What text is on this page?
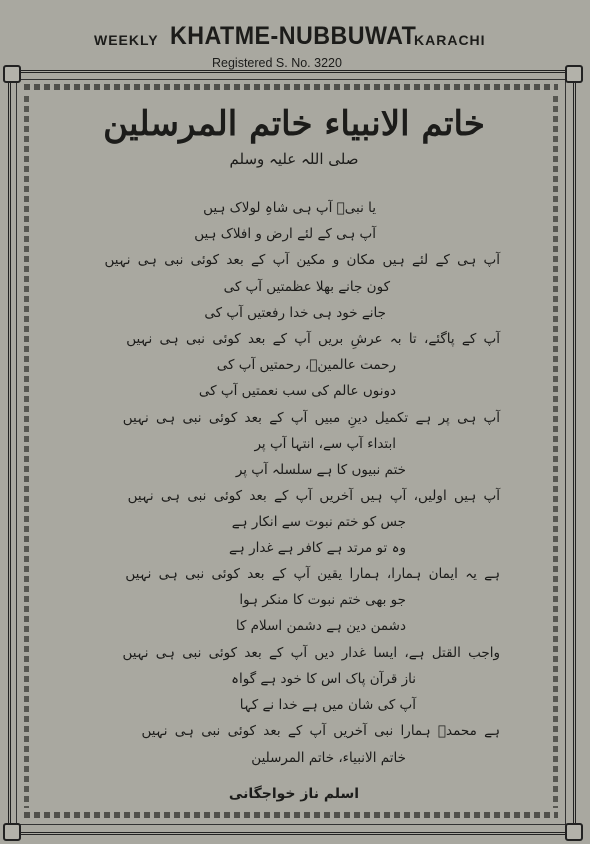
WEEKLY KHATME-NUBBUWAT
KARACHI
Registered S. No. 3220
خاتم الانبیاء خاتم المرسلین
صلی اللہ علیہ وسلم
یا نبیؐ آپ ہی شاہِ لولاک ہیں
آپ ہی کے لئے ارض و افلاک ہیں
آپ ہی کے لئے ہیں مکان و مکین آپ کے بعد کوئی نبی ہی نہیں
کون جانے بھلا عظمتیں آپ کی
جانے خود ہی خدا رفعتیں آپ کی
آپ کے پاگئے، تا بہ عرشِ بریں آپ کے بعد کوئی نبی ہی نہیں
رحمت عالمینؐ، رحمتیں آپ کی
دونوں عالم کی سب نعمتیں آپ کی
آپ ہی پر ہے تکمیل دینِ مبیں آپ کے بعد کوئی نبی ہی نہیں
ابتداء آپ سے، انتہا آپ پر
ختم نبیوں کا ہے سلسلہ آپ پر
آپ ہیں اولیں، آپ ہیں آخریں آپ کے بعد کوئی نبی ہی نہیں
جس کو ختم نبوت سے انکار ہے
وہ تو مرتد ہے کافر ہے غدار ہے
ہے یہ ایمان ہمارا، ہمارا یقین آپ کے بعد کوئی نبی ہی نہیں
جو بھی ختم نبوت کا منکر ہوا
دشمن دین ہے دشمن اسلام کا
واجب القتل ہے، ایسا غدار دیں آپ کے بعد کوئی نبی ہی نہیں
ناز قرآن پاک اس کا خود ہے گواہ
آپ کی شان میں ہے خدا نے کہا
ہے محمدؐ ہمارا نبی آخریں آپ کے بعد کوئی نبی ہی نہیں
خاتم الانبیاء، خاتم المرسلین
اسلم ناز خواجگانی
